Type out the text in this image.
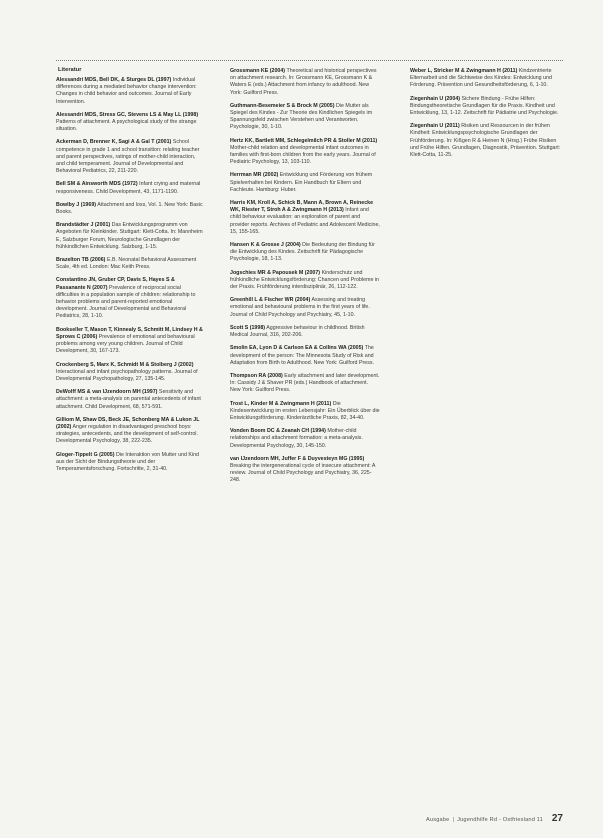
Literatur
Alessandri MDS, Bell DK, & Sturges DL (1997) Individual differences during a mediated behavior change intervention: Changes in child behavior and outcomes. Journal of Early Intervention.
Alessandri MDS, Stress GC, Stevens LS & May LL (1998) Patterns of attachment. A psychological study of the strange situation.
Ackerman D, Brenner K, Sagi A & Gal T (2001) School competence in grade 1 and school transition: relating teacher and parent perspectives, ratings of mother-child interaction, and child temperament. Journal of Developmental and Behavioral Pediatrics, 22, 211-220.
Bell SM & Ainsworth MDS (1972) Infant crying and maternal responsiveness. Child Development, 43, 1171-1190.
Bowlby J (1969) Attachment and loss, Vol. 1. New York: Basic Books.
Brandstädter J (2001) Das Entwicklungsprogramm von Angeboten für Kleinkinder. Stuttgart: Klett-Cotta. In: Mannheim E, Salzburger Forum, Neurologische Grundlagen der frühkindlichen Entwicklung. Salzburg, 1-15.
Brazelton TB (2006) E.B. Neonatal Behavioral Assessment Scale, 4th ed. London: Mac Keith Press.
Constantino JN, Gruber CP, Davis S, Hayes S & Passanante N (2007) Prevalence of reciprocal social difficulties in a population sample of children: relationship to behavior problems and parent-reported emotional development. Journal of Developmental and Behavioral Pediatrics, 28, 1-10.
Bookseller T, Mason T, Kinnealy S, Schmitt M, Lindsey H & Sprows C (2006) Prevalence of emotional and behavioural problems among very young children. Journal of Child Development, 30, 167-173.
Crockenberg S, Marx K, Schmidt M & Stolberg J (2002) Interactional and infant psychopathology patterns. Journal of Developmental Psychopathology, 27, 135-145.
DeWolff MS & van IJzendoorn MH (1997) Sensitivity and attachment: a meta-analysis on parental antecedents of infant attachment. Child Development, 68, 571-591.
Gilliom M, Shaw DS, Beck JE, Schonberg MA & Lukon JL (2002) Anger regulation in disadvantaged preschool boys: strategies, antecedents, and the development of self-control. Developmental Psychology, 38, 222-235.
Gloger-Tippelt G (2005) Die Interaktion von Mutter und Kind aus der Sicht der Bindungstheorie und der Temperamentsforschung. Fortschritte, 2, 31-40.
Grossmann KE (2004) Theoretical and historical perspectives on attachment research. In: Grossmann KE, Grossmann K & Waters E (eds.) Attachment from infancy to adulthood. New York: Guilford Press.
Guthmann-Besemeier S & Brock M (2005) Die Mutter als Spiegel des Kindes - Zur Theorie des Kindlichen Spiegels im Spannungsfeld zwischen Verstehen und Verantworten. Psychologie, 30, 1-10.
Hertz KK, Bartlett MM, Schlegelmilch PR & Stoller M (2011) Mother-child relation and developmental infant outcomes in families with first-born children from the early years. Journal of Pediatric Psychology, 13, 103-110.
Herrman MR (2002) Entwicklung und Förderung von frühem Spielverhalten bei Kindern. Ein Handbuch für Eltern und Fachleute. Hamburg: Huber.
Harris KM, Kroll A, Schick B, Mann A, Brown A, Reinecke WK, Riester T, Stroh A & Zwingmann H (2013) Infant and child behaviour evaluation: an exploration of parent and provider reports. Archives of Pediatric and Adolescent Medicine, 15, 155-165.
Hansen K & Grosse J (2004) Die Bedeutung der Bindung für die Entwicklung des Kindes. Zeitschrift für Pädagogische Psychologie, 18, 1-13.
Jogschies MR & Papousek M (2007) Kinderschutz und frühkindliche Entwicklungsförderung: Chancen und Probleme in der Praxis. Frühförderung interdisziplinär, 26, 112-122.
Greenhill L & Fischer WR (2004) Assessing and treating emotional and behavioural problems in the first years of life. Journal of Child Psychology and Psychiatry, 45, 1-10.
Scott S (1998) Aggressive behaviour in childhood. British Medical Journal, 316, 202-206.
Smolin EA, Lyon D & Carlson EA & Collins WA (2005) The development of the person: The Minnesota Study of Risk and Adaptation from Birth to Adulthood. New York: Guilford Press.
Thompson RA (2008) Early attachment and later development. In: Cassidy J & Shaver PR (eds.) Handbook of attachment. New York: Guilford Press.
Trost L, Kinder M & Zwingmann H (2011) Die Kindesentwicklung im ersten Lebensjahr: Ein Überblick über die Entwicklungsförderung. Kinderärztliche Praxis, 82, 34-40.
Vonden Boom DC & Zeanah CH (1994) Mother-child relationships and attachment formation: a meta-analysis. Developmental Psychology, 30, 145-150.
van IJzendoorn MH, Juffer F & Duyvesteyn MG (1995) Breaking the intergenerational cycle of insecure attachment: A review. Journal of Child Psychology and Psychiatry, 36, 225-248.
Weber L, Stricker M & Zwingmann H (2011) Kindzentrierte Elternarbeit und die Sichtweise des Kindes: Entwicklung und Förderung. Prävention und Gesundheitsförderung, 6, 1-10.
Ziegenhain U (2004) Sichere Bindung - Frühe Hilfen: Bindungstheoretische Grundlagen für die Praxis. Kindheit und Entwicklung, 13, 1-12. Zeitschrift für Pädiatrie und Psychologie.
Ziegenhain U (2011) Risiken und Ressourcen in der frühen Kindheit: Entwicklungspsychologische Grundlagen der Frühförderung. In: Kißgen R & Heinen N (Hrsg.) Frühe Risiken und Frühe Hilfen. Grundlagen, Diagnostik, Prävention. Stuttgart: Klett-Cotta, 11-25.
Ausgabe | Jugendhilfe Rd - Ostfriesland 11 27
